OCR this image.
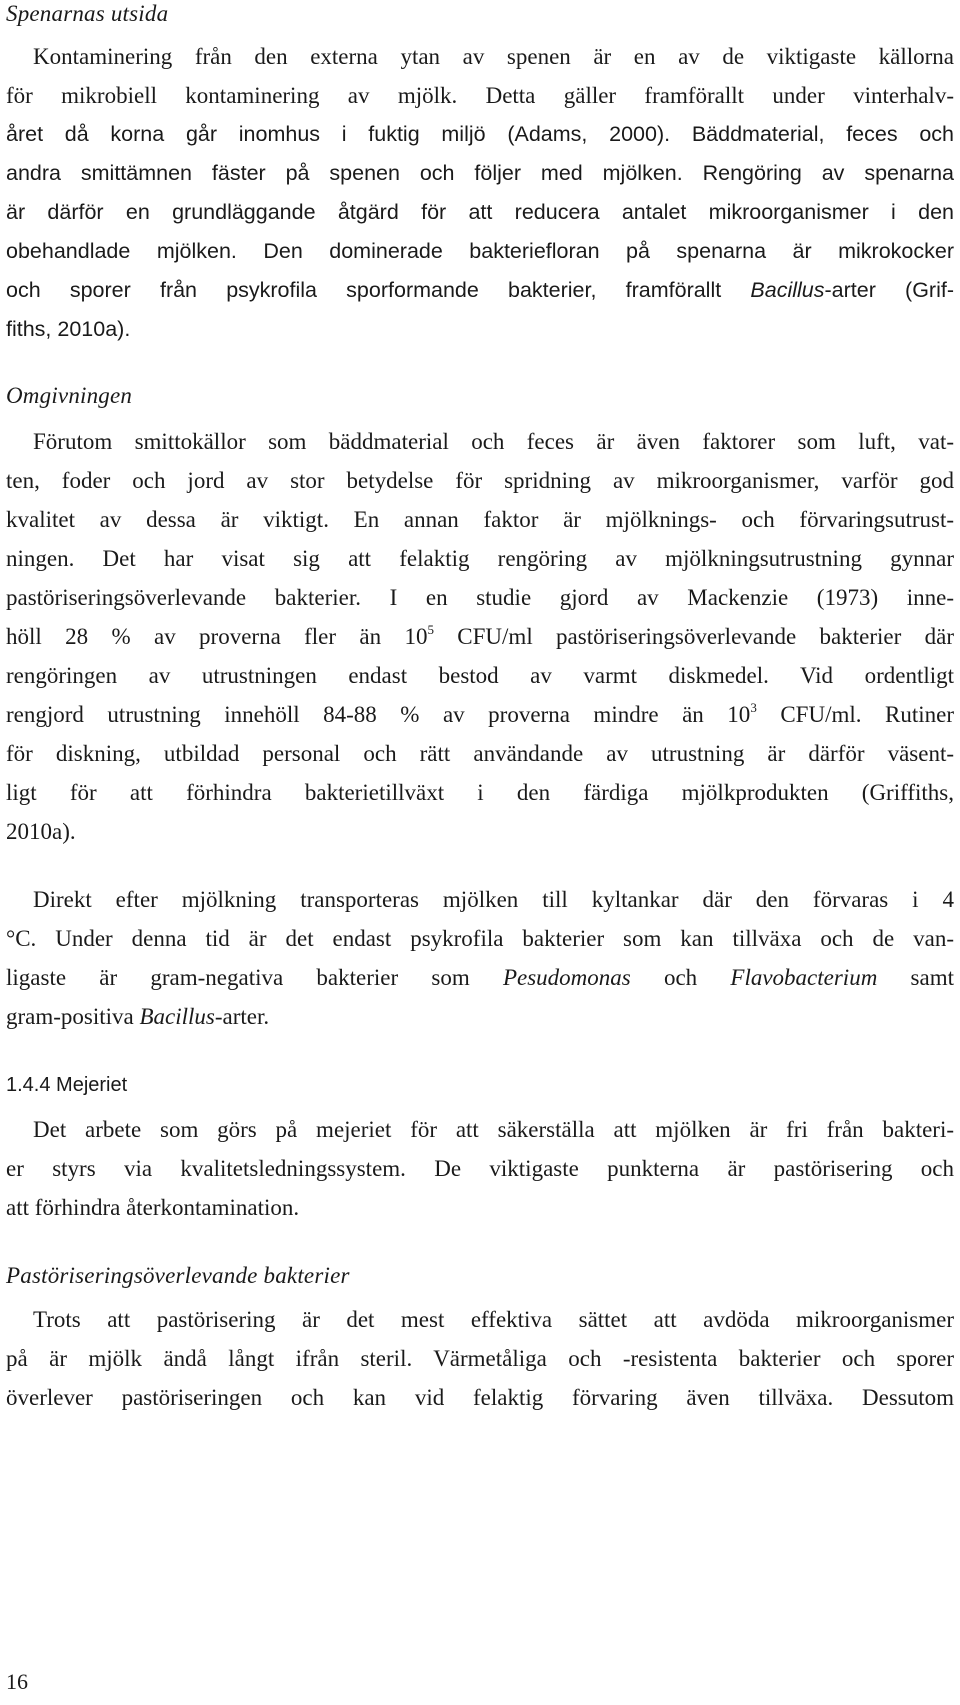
Spenarnas utsida
Kontaminering från den externa ytan av spenen är en av de viktigaste källorna
för mikrobiell kontaminering av mjölk. Detta gäller framförallt under vinterhalv-
året då korna går inomhus i fuktig miljö (Adams, 2000). Bäddmaterial, feces och
andra smittämnen fäster på spenen och följer med mjölken. Rengöring av spenarna
är därför en grundläggande åtgärd för att reducera antalet mikroorganismer i den
obehandlade mjölken. Den dominerade bakteriefloran på spenarna är mikrokocker
och sporer från psykrofila sporformande bakterier, framförallt Bacillus-arter (Grif-
fiths, 2010a).
Omgivningen
Förutom smittokällor som bäddmaterial och feces är även faktorer som luft, vat-
ten, foder och jord av stor betydelse för spridning av mikroorganismer, varför god
kvalitet av dessa är viktigt. En annan faktor är mjölknings- och förvaringsutrust-
ningen. Det har visat sig att felaktig rengöring av mjölkningsutrustning gynnar
pastöriseringsöverlevande bakterier. I en studie gjord av Mackenzie (1973) inne-
höll 28 % av proverna fler än $10^5$ CFU/ml pastöriseringsöverlevande bakterier där
rengöringen av utrustningen endast bestod av varmt diskmedel. Vid ordentligt
rengjord utrustning innehöll 84-88 % av proverna mindre än $10^3$ CFU/ml. Rutiner
för diskning, utbildad personal och rätt användande av utrustning är därför väsent-
ligt för att förhindra bakterietillväxt i den färdiga mjölkprodukten (Griffiths,
2010a).
Direkt efter mjölkning transporteras mjölken till kyltankar där den förvaras i 4
°C. Under denna tid är det endast psykrofila bakterier som kan tillväxa och de van-
ligaste är gram-negativa bakterier som Pesudomonas och Flavobacterium samt
gram-positiva Bacillus-arter.
1.4.4 Mejeriet
Det arbete som görs på mejeriet för att säkerställa att mjölken är fri från bakteri-
er styrs via kvalitetsledningssystem. De viktigaste punkterna är pastörisering och
att förhindra återkontamination.
Pastöriseringsöverlevande bakterier
Trots att pastörisering är det mest effektiva sättet att avdöda mikroorganismer
på är mjölk ändå långt ifrån steril. Värmetåliga och -resistenta bakterier och sporer
överlever pastöriseringen och kan vid felaktig förvaring även tillväxa. Dessutom
16
